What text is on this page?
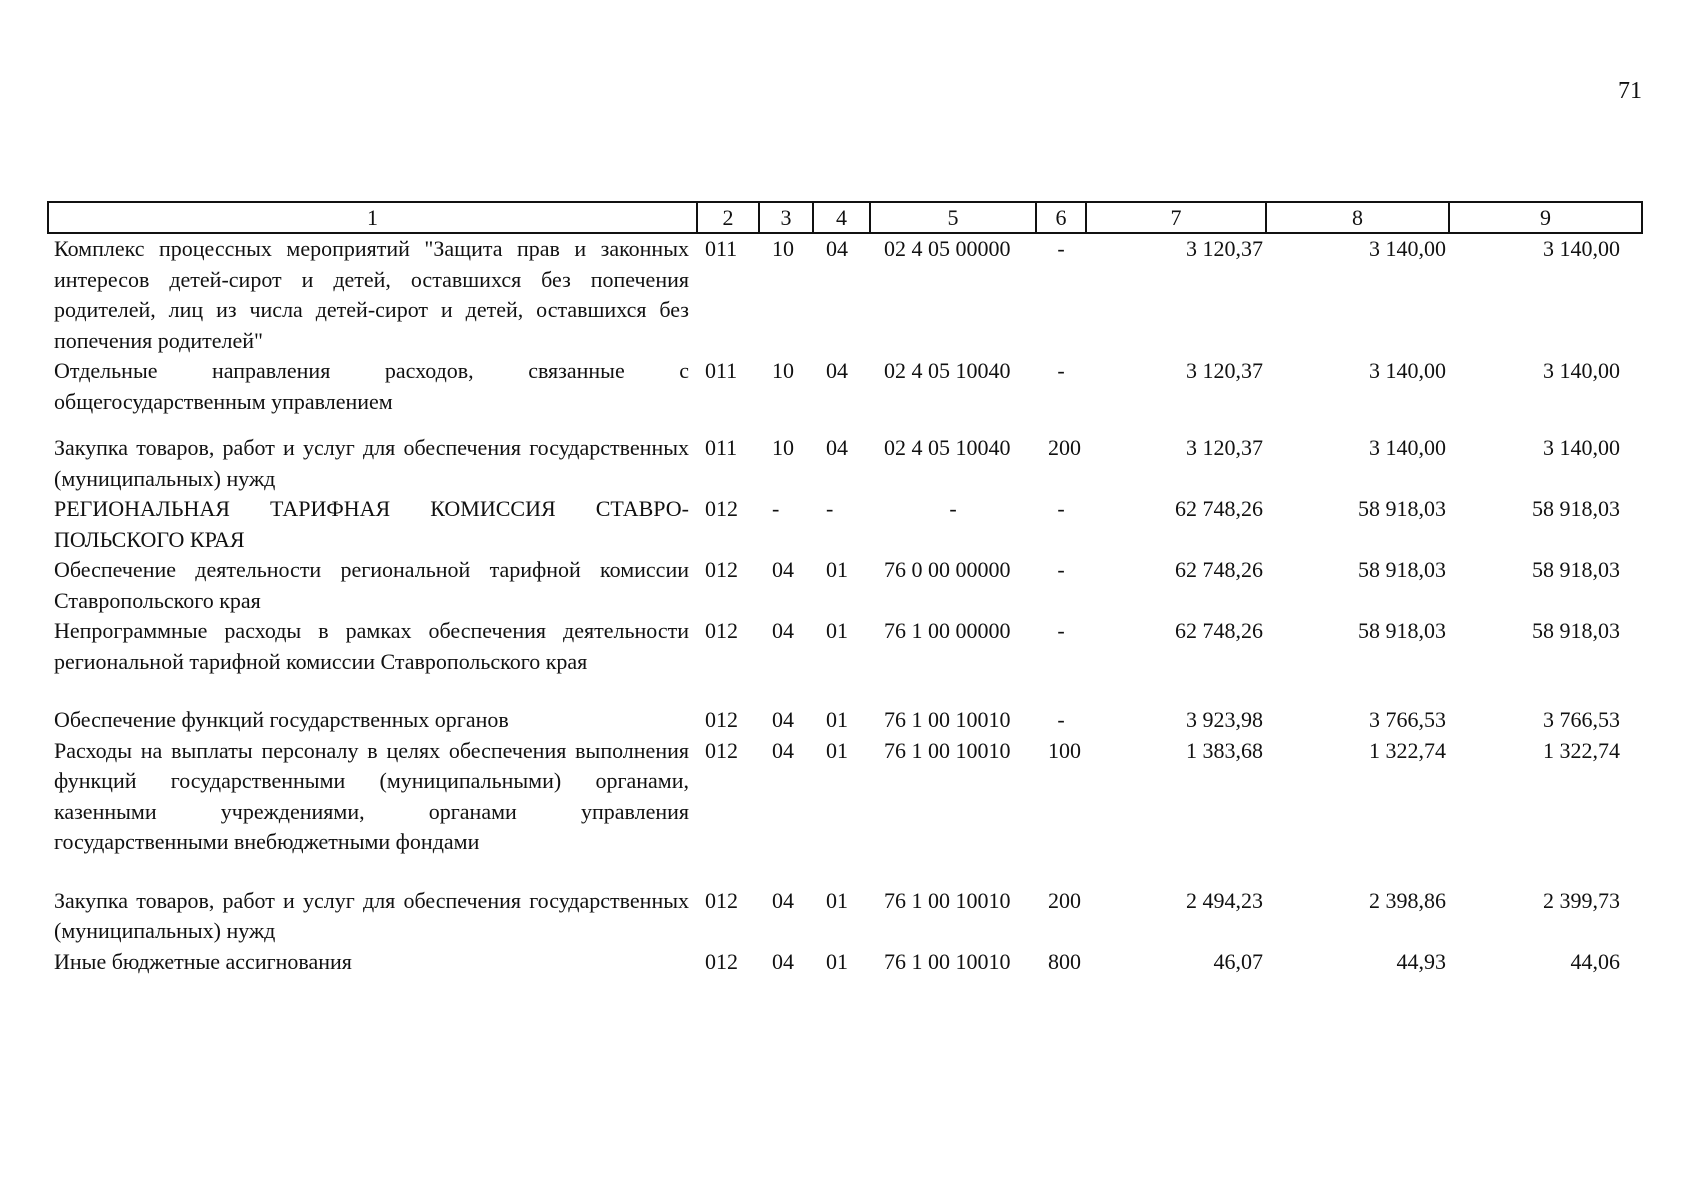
71
1	2	3	4	5	6	7	8	9
Комплекс процессных мероприятий "Защита прав и законных интересов детей-сирот и детей, оставшихся без попечения родителей, лиц из числа детей-сирот и детей, оставшихся без попечения родителей"	011	10	04	02 4 05 00000	-	3 120,37	3 140,00	3 140,00
Отдельные направления расходов, связанные с общегосударственным управлением	011	10	04	02 4 05 10040	-	3 120,37	3 140,00	3 140,00
Закупка товаров, работ и услуг для обеспечения государственных (муниципальных) нужд	011	10	04	02 4 05 10040	200	3 120,37	3 140,00	3 140,00
РЕГИОНАЛЬНАЯ ТАРИФНАЯ КОМИССИЯ СТАВРО-ПОЛЬСКОГО КРАЯ	012	-	-	-	-	62 748,26	58 918,03	58 918,03
Обеспечение деятельности региональной тарифной комиссии Ставропольского края	012	04	01	76 0 00 00000	-	62 748,26	58 918,03	58 918,03
Непрограммные расходы в рамках обеспечения деятельности региональной тарифной комиссии Ставропольского края	012	04	01	76 1 00 00000	-	62 748,26	58 918,03	58 918,03
Обеспечение функций государственных органов	012	04	01	76 1 00 10010	-	3 923,98	3 766,53	3 766,53
Расходы на выплаты персоналу в целях обеспечения выполнения функций государственными (муниципальными) органами, казенными учреждениями, органами управления государственными внебюджетными фондами	012	04	01	76 1 00 10010	100	1 383,68	1 322,74	1 322,74
Закупка товаров, работ и услуг для обеспечения государственных (муниципальных) нужд	012	04	01	76 1 00 10010	200	2 494,23	2 398,86	2 399,73
Иные бюджетные ассигнования	012	04	01	76 1 00 10010	800	46,07	44,93	44,06
